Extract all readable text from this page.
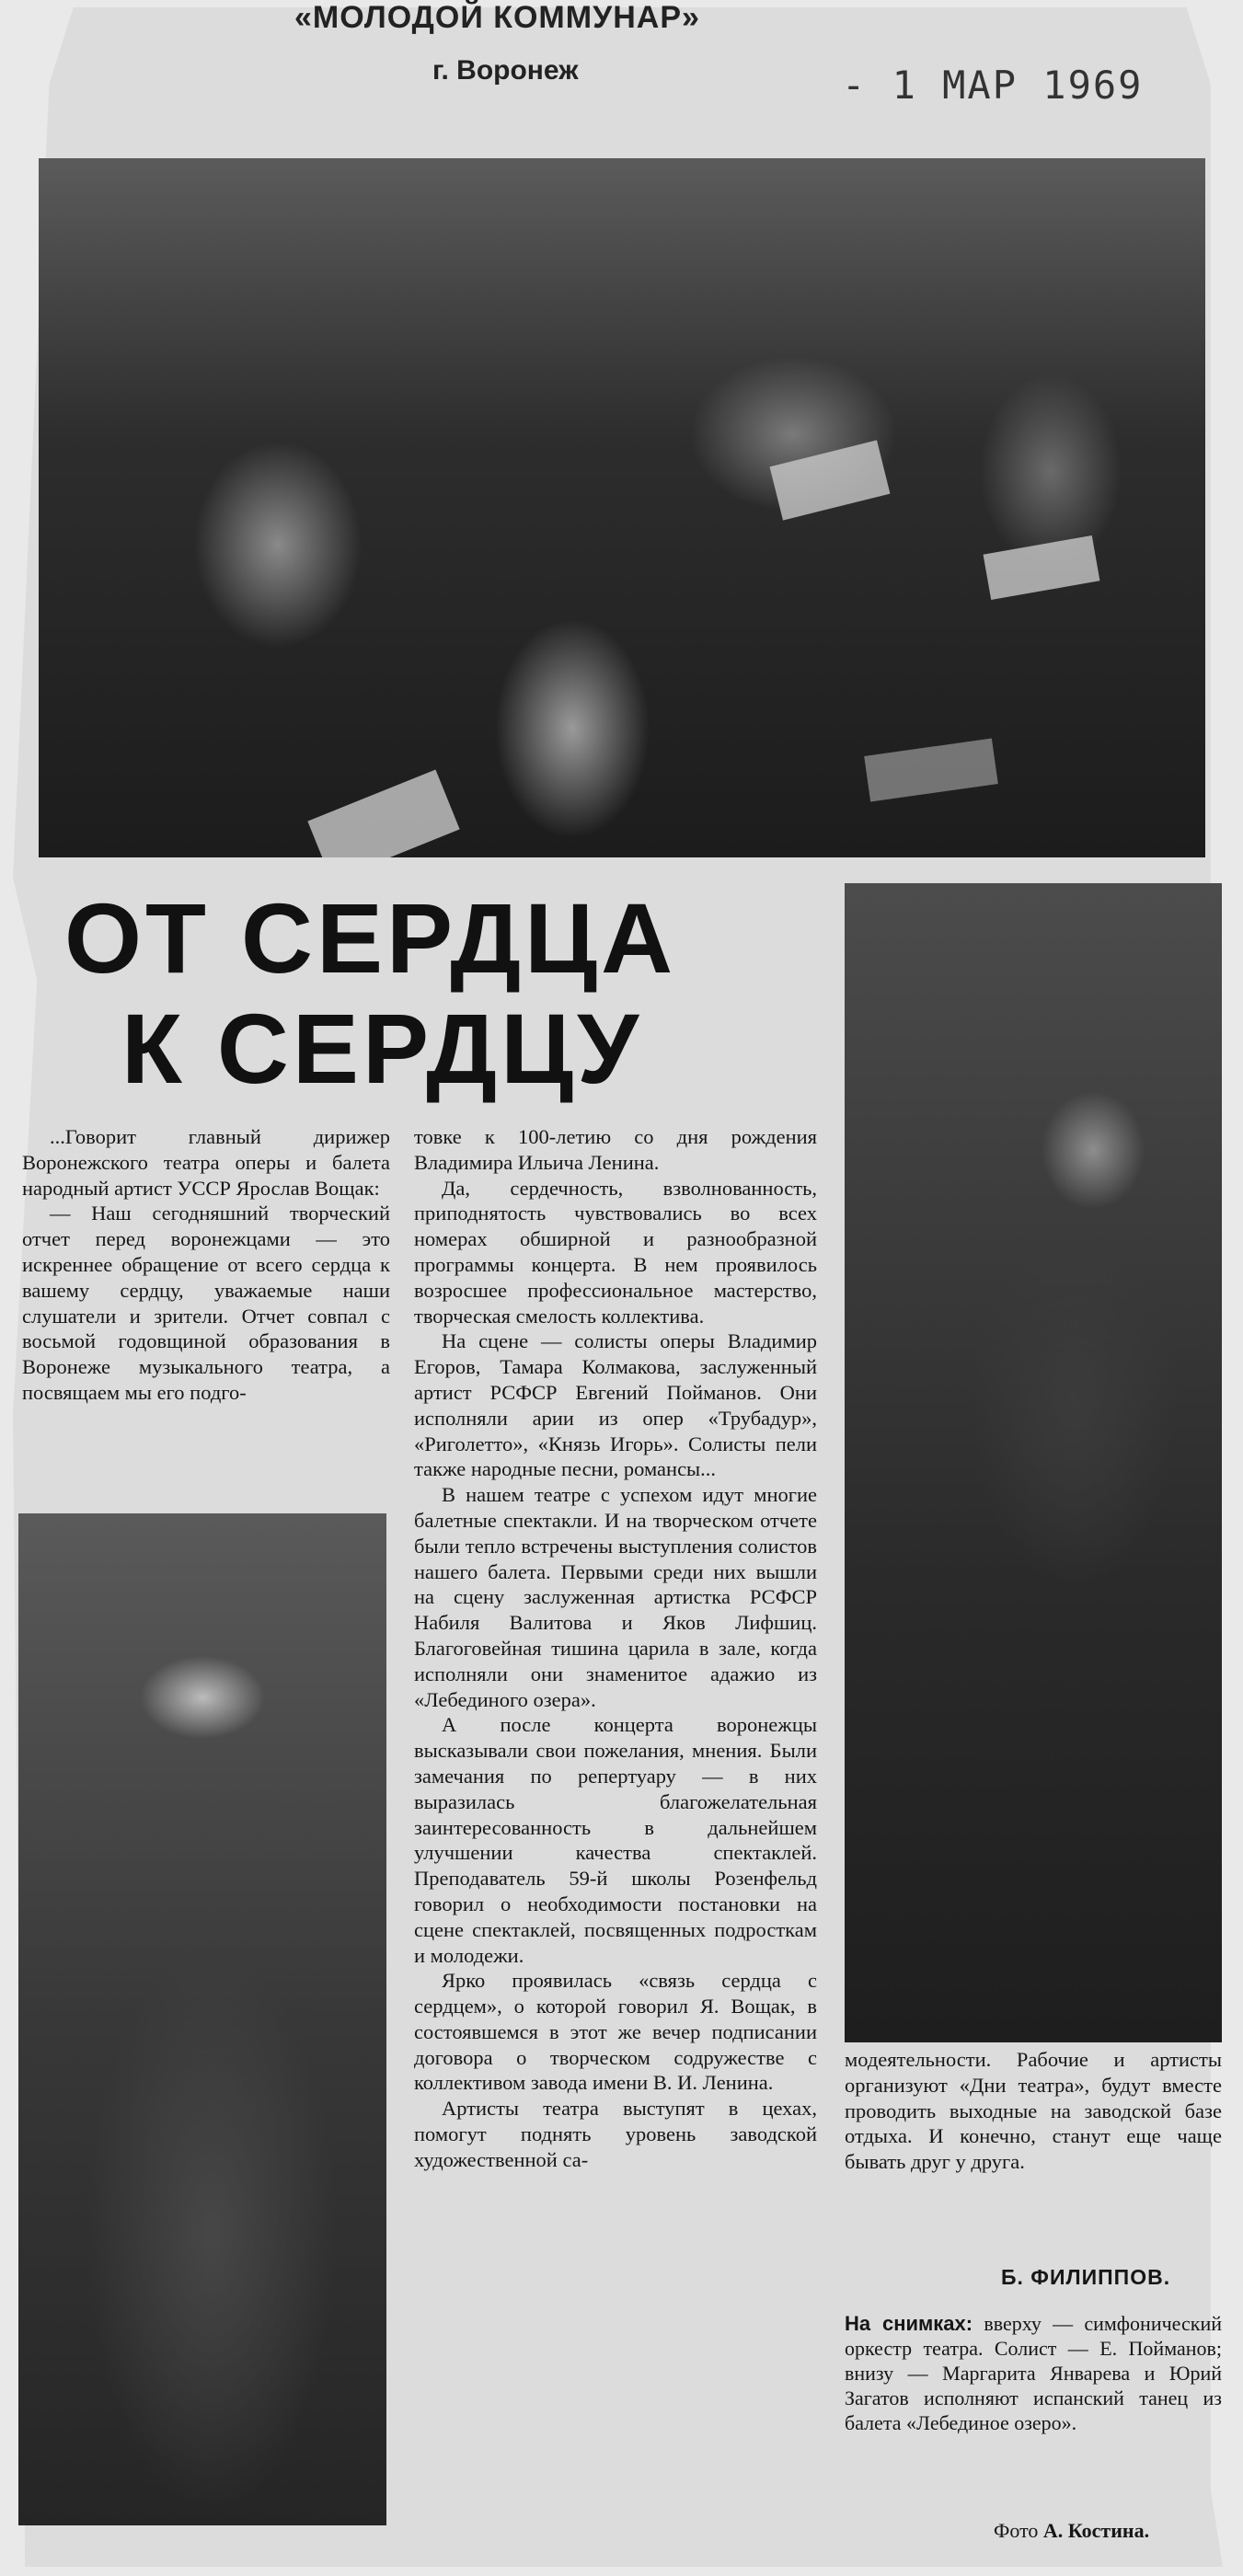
«МОЛОДОЙ КОММУНАР»
г. Воронеж	- 1 МАР 1969
ОТ СЕРДЦА
К СЕРДЦУ

...Говорит главный дирижер Воронежского театра оперы и балета народный артист УССР Ярослав Вощак:

— Наш сегодняшний творческий отчет перед воронежцами — это искреннее обращение от всего сердца к вашему сердцу, уважаемые наши слушатели и зрители. Отчет совпал с восьмой годовщиной образования в Воронеже музыкального театра, а посвящаем мы его подго-

товке к 100-летию со дня рождения Владимира Ильича Ленина.

Да, сердечность, взволнованность, приподнятость чувствовались во всех номерах обширной и разнообразной программы концерта. В нем проявилось возросшее профессиональное мастерство, творческая смелость коллектива.

На сцене — солисты оперы Владимир Егоров, Тамара Колмакова, заслуженный артист РСФСР Евгений Пойманов. Они исполняли арии из опер «Трубадур», «Риголетто», «Князь Игорь». Солисты пели также народные песни, романсы...

В нашем театре с успехом идут многие балетные спектакли. И на творческом отчете были тепло встречены выступления солистов нашего балета. Первыми среди них вышли на сцену заслуженная артистка РСФСР Набиля Валитова и Яков Лифшиц. Благоговейная тишина царила в зале, когда исполняли они знаменитое адажио из «Лебединого озера».

А после концерта воронежцы высказывали свои пожелания, мнения. Были замечания по репертуару — в них выразилась благожелательная заинтересованность в дальнейшем улучшении качества спектаклей. Преподаватель 59-й школы Розенфельд говорил о необходимости постановки на сцене спектаклей, посвященных подросткам и молодежи.

Ярко проявилась «связь сердца с сердцем», о которой говорил Я. Вощак, в состоявшемся в этот же вечер подписании договора о творческом содружестве с коллективом завода имени В. И. Ленина.

Артисты театра выступят в цехах, помогут поднять уровень заводской художественной са-

модеятельности. Рабочие и артисты организуют «Дни театра», будут вместе проводить выходные на заводской базе отдыха. И конечно, станут еще чаще бывать друг у друга.

Б. ФИЛИППОВ.
На снимках: вверху — симфонический оркестр театра. Солист — Е. Пойманов; внизу — Маргарита Январева и Юрий Загатов исполняют испанский танец из балета «Лебединое озеро».
Фото А. Костина.
